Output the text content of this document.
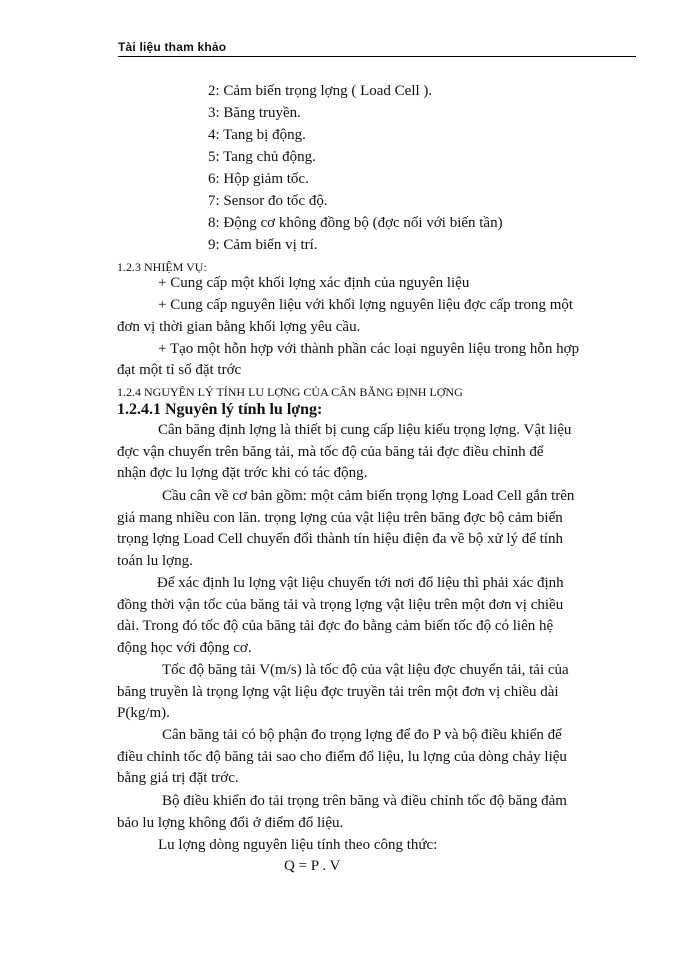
Tài liệu tham khảo
2: Cảm biến trọng lợng ( Load Cell ).
3: Băng truyền.
4: Tang bị động.
5: Tang chủ động.
6: Hộp giảm tốc.
7: Sensor đo tốc độ.
8: Động cơ không đồng bộ (đợc nối với biến tần)
9: Cảm biến vị trí.
1.2.3 NHIỆM VỤ:
+ Cung cấp một khối lợng xác định của nguyên liệu
+ Cung cấp nguyên liệu với khối lợng nguyên liệu đợc cấp trong một
đơn vị thời gian bằng khối lợng yêu cầu.
+ Tạo một hỗn hợp với thành phần các loại nguyên liệu trong hỗn hợp
đạt một tỉ số đặt trớc
1.2.4 NGUYÊN LÝ TÍNH LU LỢNG CỦA CÂN BĂNG ĐỊNH LỢNG
1.2.4.1 Nguyên lý tính lu lợng:
Cân băng định lợng là thiết bị cung cấp liệu kiểu trọng lợng. Vật liệu
đợc vận chuyển trên băng tải, mà tốc độ của băng tải đợc điều chỉnh để
nhận đợc lu lợng đặt trớc khi có tác động.
Cầu cân về cơ bản gồm: một cảm biến trọng lợng Load Cell gắn trên
giá mang nhiều con lăn. trọng lợng của vật liệu trên băng đợc bộ cảm biến
trọng lợng Load Cell chuyển đổi thành tín hiệu điện đa về bộ xử lý để tính
toán lu lợng.
Để xác định lu lợng vật liệu chuyển tới nơi đổ liệu thì phải xác định
đồng thời vận tốc của băng tải và trọng lợng vật liệu trên một đơn vị chiều
dài. Trong đó tốc độ của băng tải đợc đo bằng cảm biến tốc độ có liên hệ
động học với động cơ.
Tốc độ băng tải V(m/s) là tốc độ của vật liệu đợc chuyển tải, tải của
băng truyền là trọng lợng vật liệu đợc truyền tải trên một đơn vị chiều dài
P(kg/m).
Cân băng tải có bộ phận đo trọng lợng để đo P và bộ điều khiển để
điều chỉnh tốc độ băng tải sao cho điểm đổ liệu, lu lợng của dòng chảy liệu
bằng giá trị đặt trớc.
Bộ điều khiển đo tải trọng trên băng và điều chỉnh tốc độ băng đảm
bảo lu lợng không đổi ở điểm đổ liệu.
Lu lợng dòng nguyên liệu tính theo công thức:
Q = P . V
